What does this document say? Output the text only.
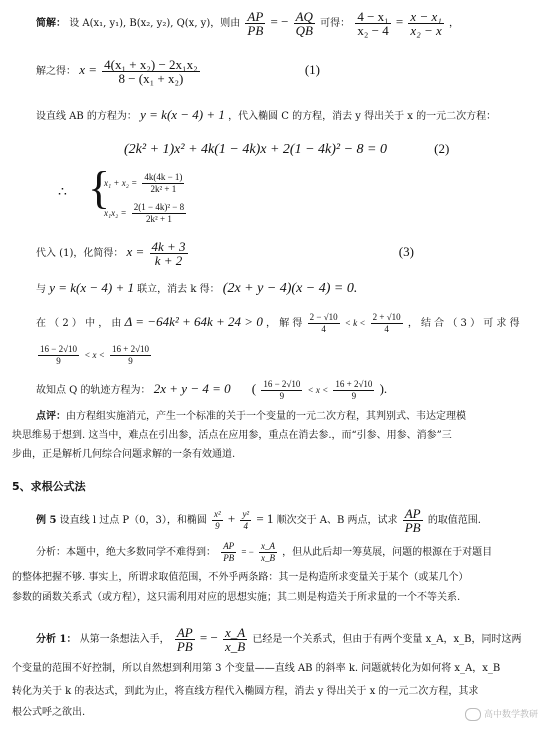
简解： 设 A(x₁, y₁), B(x₂, y₂), Q(x, y)，则由 $\frac{AP}{PB}$ = − $\frac{AQ}{QB}$ 可得： $\frac{\text{4 − x₁}}{\text{x₂ − 4}} = \frac{\text{x − x₁}}{\text{x₂ − x}}$ ，
解之得： $x = \frac{\text{4(x₁ + x₂) − 2x₁x₂}}{\text{8 − (x₁ + x₂)}}$	(1)
设直线 AB 的方程为： y = k(x − 4) + 1 ，代入椭圆 C 的方程，消去 y 得出关于 x 的一元二次方程：
(2k² + 1)x² + 4k(1 − 4k)x + 2(1 − 4k)² − 8 = 0	(2)
∴ {
$x_1 + x_2 = \frac{4k(4k - 1)}{\text{2k² + 1}}$
$x_1x_2 = \frac{\text{2(1 − 4k)² − 8}}{\text{2k² + 1}}$
代入 (1)，化简得： $x = \frac{4k + 3}{k + 2}$	(3)
与 y = k(x − 4) + 1 联立，消去 k 得： (2x + y − 4)(x − 4) = 0.
在 （ 2 ） 中 ， 由 Δ = −64k² + 64k + 24 > 0 ， 解 得 $\frac{2 - √10}{4} < k < \frac{2 + √10}{4}$ ， 结 合 （ 3 ） 可 求 得
$\frac{16 - 2√10}{9} < x < \frac{16 + 2√10}{9}$
故知点 Q 的轨迹方程为： 2x + y − 4 = 0 ( $\frac{16 - 2√10}{9} < x < \frac{16 + 2√10}{9}$ ).
点评：由方程组实施消元，产生一个标准的关于一个变量的一元二次方程，其判别式、韦达定理模
块思维易于想到. 这当中，难点在引出参，活点在应用参，重点在消去参.，而“引参、用参、消参”三
步曲，正是解析几何综合问题求解的一条有效通道.
5、求根公式法
例 5 设直线 l 过点 P（0，3），和椭圆 $\frac{\text{x²}}{9} + \frac{\text{y²}}{4} = 1$ 顺次交于 A、B 两点，试求 $\frac{AP}{PB}$ 的取值范围.
分析：本题中，绝大多数同学不难得到： $\frac{AP}{PB}$ = − $\frac{x\_A}{x\_B}$ ，但从此后却一筹莫展，问题的根源在于对题目
的整体把握不够. 事实上，所谓求取值范围，不外乎两条路：其一是构造所求变量关于某个（或某几个）
参数的函数关系式（或方程），这只需利用对应的思想实施；其二则是构造关于所求量的一个不等关系.
分析 1： 从第一条想法入手， $\frac{AP}{PB}$ = − $\frac{x\_A}{x\_B}$ 已经是一个关系式，但由于有两个变量 x_A，x_B，同时这两
个变量的范围不好控制，所以自然想到利用第 3 个变量——直线 AB 的斜率 k. 问题就转化为如何将 x_A，x_B
转化为关于 k 的表达式，到此为止，将直线方程代入椭圆方程，消去 y 得出关于 x 的一元二次方程，其求
根公式呼之欲出.	高中数学教研
